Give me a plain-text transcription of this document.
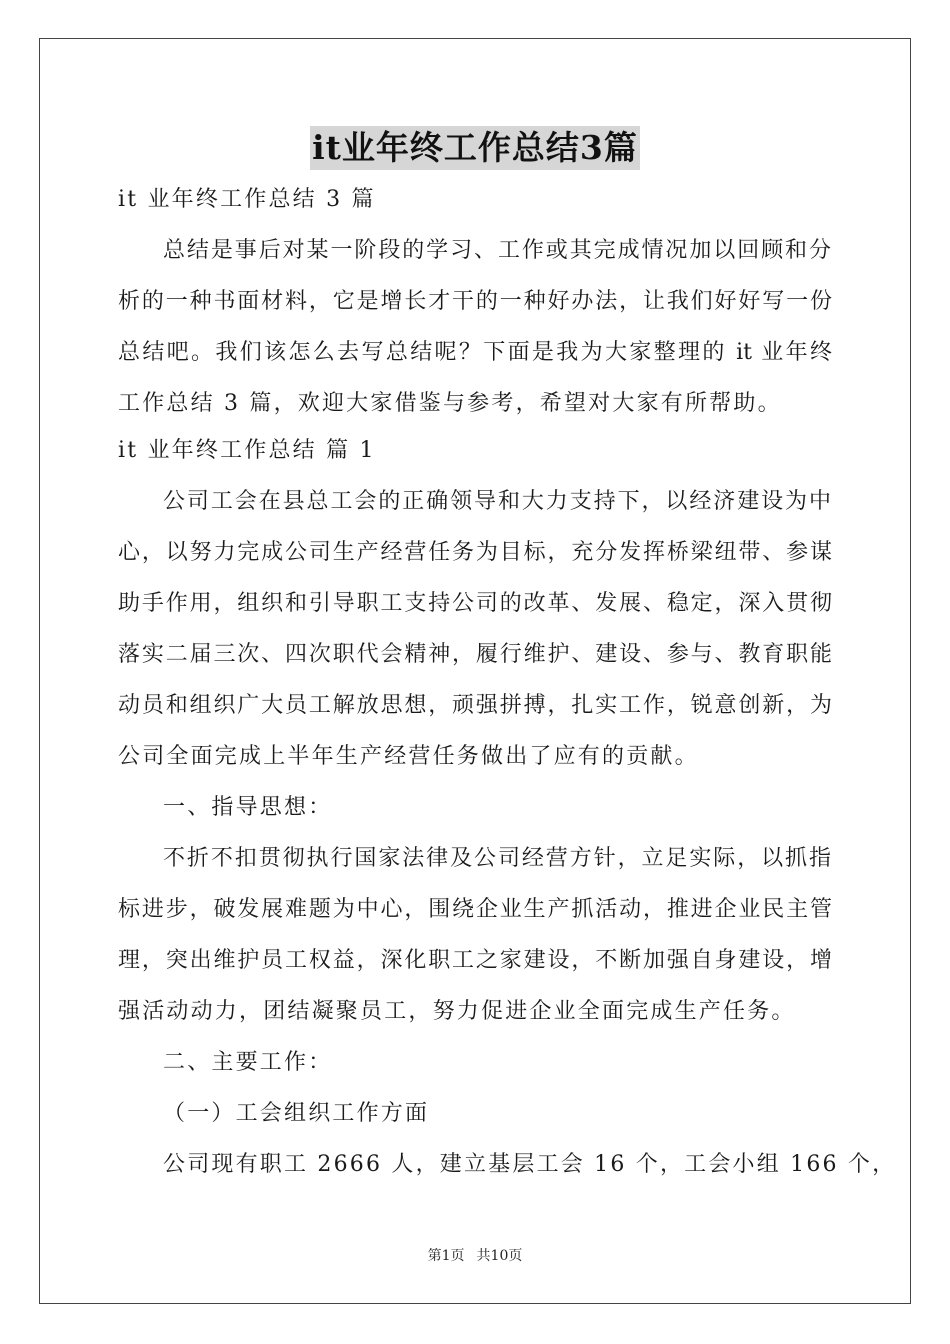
it业年终工作总结3篇
it 业年终工作总结 3 篇
总结是事后对某一阶段的学习、工作或其完成情况加以回顾和分
析的一种书面材料，它是增长才干的一种好办法，让我们好好写一份
总结吧。我们该怎么去写总结呢？下面是我为大家整理的 it 业年终
工作总结 3 篇，欢迎大家借鉴与参考，希望对大家有所帮助。
it 业年终工作总结 篇 1
公司工会在县总工会的正确领导和大力支持下，以经济建设为中
心，以努力完成公司生产经营任务为目标，充分发挥桥梁纽带、参谋
助手作用，组织和引导职工支持公司的改革、发展、稳定，深入贯彻
落实二届三次、四次职代会精神，履行维护、建设、参与、教育职能
动员和组织广大员工解放思想，顽强拼搏，扎实工作，锐意创新，为
公司全面完成上半年生产经营任务做出了应有的贡献。
一、指导思想：
不折不扣贯彻执行国家法律及公司经营方针，立足实际，以抓指
标进步，破发展难题为中心，围绕企业生产抓活动，推进企业民主管
理，突出维护员工权益，深化职工之家建设，不断加强自身建设，增
强活动动力，团结凝聚员工，努力促进企业全面完成生产任务。
二、主要工作：
（一）工会组织工作方面
公司现有职工 2666 人，建立基层工会 16 个，工会小组 166 个，
第1页 共10页
